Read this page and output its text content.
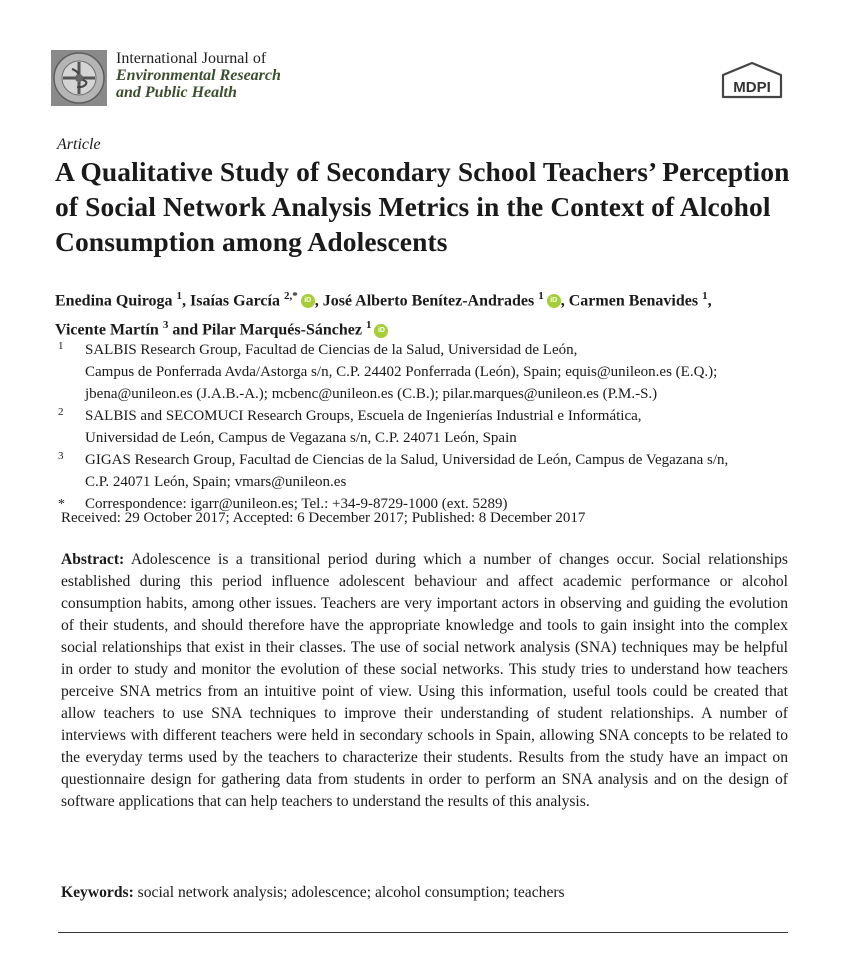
International Journal of
Environmental Research
and Public Health	MDPI
Article
A Qualitative Study of Secondary School Teachers’ Perception of Social Network Analysis Metrics in the Context of Alcohol Consumption among Adolescents
Enedina Quiroga $^1$, Isaías García $^{2,*}$ iD , José Alberto Benítez-Andrades $^1$ iD , Carmen Benavides $^1$,
Vicente Martín $^3$ and Pilar Marqués-Sánchez $^1$ iD
1 SALBIS Research Group, Facultad de Ciencias de la Salud, Universidad de León,
Campus de Ponferrada Avda/Astorga s/n, C.P. 24402 Ponferrada (León), Spain; equis@unileon.es (E.Q.);
jbena@unileon.es (J.A.B.-A.); mcbenc@unileon.es (C.B.); pilar.marques@unileon.es (P.M.-S.)
2 SALBIS and SECOMUCI Research Groups, Escuela de Ingenierías Industrial e Informática,
Universidad de León, Campus de Vegazana s/n, C.P. 24071 León, Spain
3 GIGAS Research Group, Facultad de Ciencias de la Salud, Universidad de León, Campus de Vegazana s/n,
C.P. 24071 León, Spain; vmars@unileon.es
* Correspondence: igarr@unileon.es; Tel.: +34-9-8729-1000 (ext. 5289)
Received: 29 October 2017; Accepted: 6 December 2017; Published: 8 December 2017
Abstract: Adolescence is a transitional period during which a number of changes occur. Social relationships established during this period influence adolescent behaviour and affect academic performance or alcohol consumption habits, among other issues. Teachers are very important actors in observing and guiding the evolution of their students, and should therefore have the appropriate knowledge and tools to gain insight into the complex social relationships that exist in their classes. The use of social network analysis (SNA) techniques may be helpful in order to study and monitor the evolution of these social networks. This study tries to understand how teachers perceive SNA metrics from an intuitive point of view. Using this information, useful tools could be created that allow teachers to use SNA techniques to improve their understanding of student relationships. A number of interviews with different teachers were held in secondary schools in Spain, allowing SNA concepts to be related to the everyday terms used by the teachers to characterize their students. Results from the study have an impact on questionnaire design for gathering data from students in order to perform an SNA analysis and on the design of software applications that can help teachers to understand the results of this analysis.
Keywords: social network analysis; adolescence; alcohol consumption; teachers
